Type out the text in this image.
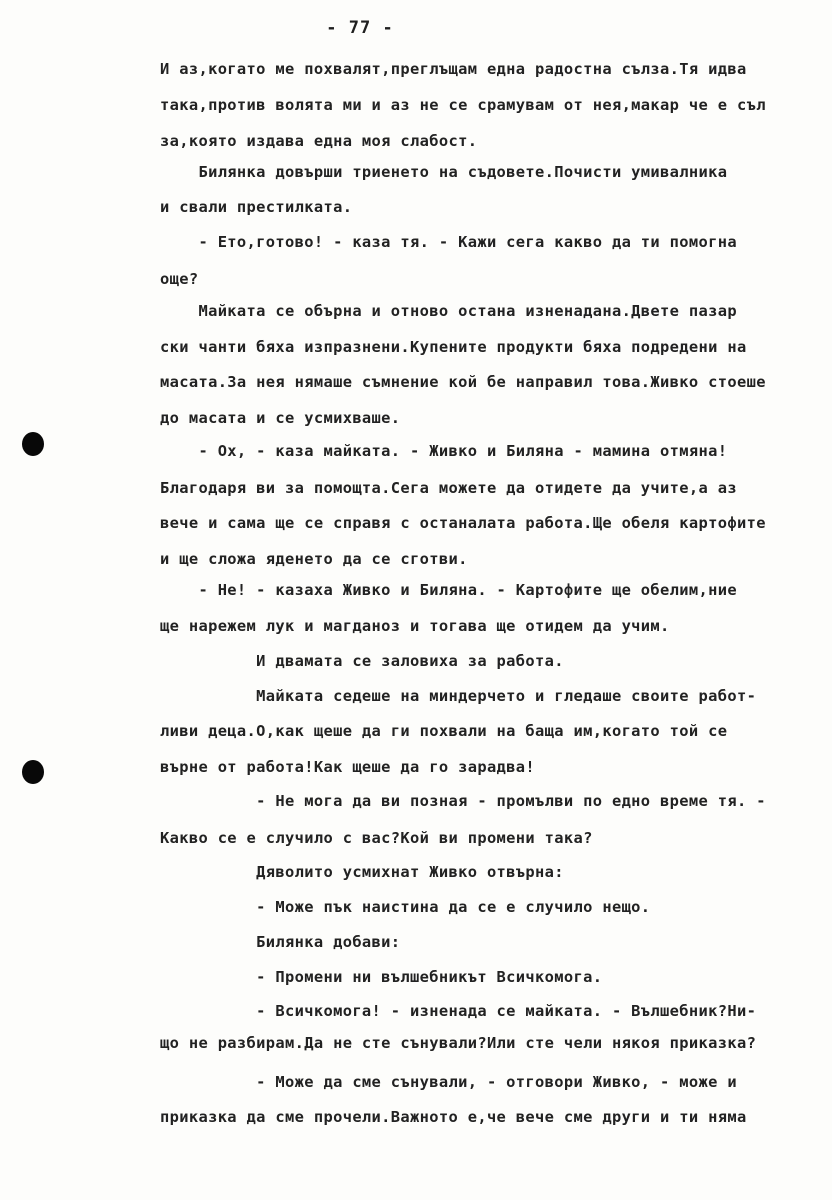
- 77 -
И аз,когато ме похвалят,преглъщам една радостна сълза.Тя идва
така,против волята ми и аз не се срамувам от нея,макар че е съл
за,която издава една моя слабост.
Билянка довърши триенето на съдовете.Почисти умивалника
и свали престилката.
- Ето,готово! - каза тя. - Кажи сега какво да ти помогна
още?
Майката се обърна и отново остана изненадана.Двете пазар
ски чанти бяха изпразнени.Купените продукти бяха подредени на
масата.За нея нямаше съмнение кой бе направил това.Живко стоеше
до масата и се усмихваше.
- Ох, - каза майката. - Живко и Биляна - мамина отмяна!
Благодаря ви за помощта.Сега можете да отидете да учите,а аз
вече и сама ще се справя с останалата работа.Ще обеля картофите
и ще сложа яденето да се сготви.
- Не! - казаха Живко и Биляна. - Картофите ще обелим,ние
ще нарежем лук и магданоз и тогава ще отидем да учим.
И двамата се заловиха за работа.
Майката седеше на миндерчето и гледаше своите работ-
ливи деца.О,как щеше да ги похвали на баща им,когато той се
върне от работа!Как щеше да го зарадва!
- Не мога да ви позная - промълви по едно време тя. -
Какво се е случило с вас?Кой ви промени така?
Дяволито усмихнат Живко отвърна:
- Може пък наистина да се е случило нещо.
Билянка добави:
- Промени ни вълшебникът Всичкомога.
- Всичкомога! - изненада се майката. - Вълшебник?Ни-
що не разбирам.Да не сте сънували?Или сте чели някоя приказка?
- Може да сме сънували, - отговори Живко, - може и
приказка да сме прочели.Важното е,че вече сме други и ти няма
